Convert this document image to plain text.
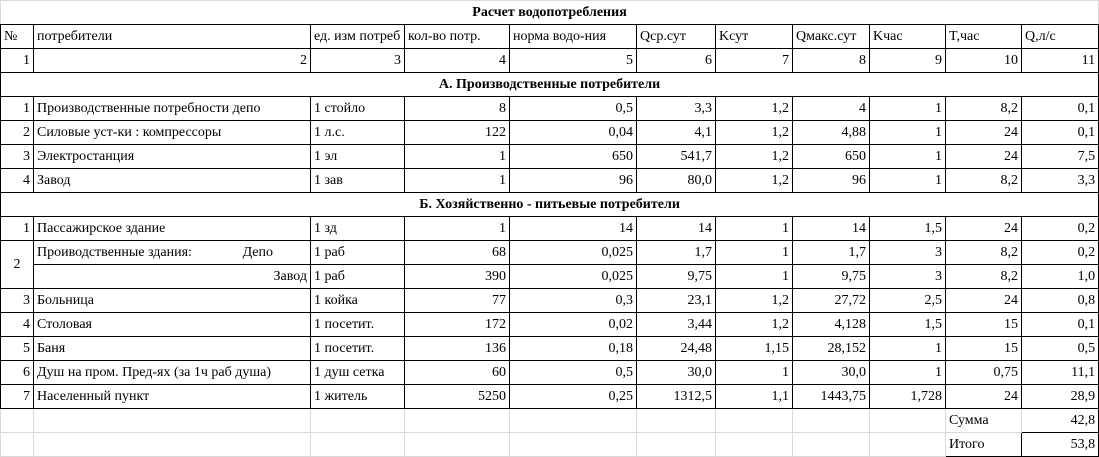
Расчет водопотребления										
№	потребители	ед. изм потреб	кол-во потр.	норма водо-ния	Qср.сут	Kсут	Qмакс.сут	Kчас	T,час	Q,л/с
1	2	3	4	5	6	7	8	9	10	11
А. Производственные потребители										
1	Производственные потребности депо	1 стойло	8	0,5	3,3	1,2	4	1	8,2	0,1
2	Силовые уст-ки : компрессоры	1 л.с.	122	0,04	4,1	1,2	4,88	1	24	0,1
3	Электростанция	1 эл	1	650	541,7	1,2	650	1	24	7,5
4	Завод	1 зав	1	96	80,0	1,2	96	1	8,2	3,3
Б. Хозяйственно - питьевые потребители										
1	Пассажирское здание	1 зд	1	14	14	1	14	1,5	24	0,2
2	Проиводственные здания: Депо	1 раб	68	0,025	1,7	1	1,7	3	8,2	0,2
	Завод	1 раб	390	0,025	9,75	1	9,75	3	8,2	1,0
3	Больница	1 койка	77	0,3	23,1	1,2	27,72	2,5	24	0,8
4	Столовая	1 посетит.	172	0,02	3,44	1,2	4,128	1,5	15	0,1
5	Баня	1 посетит.	136	0,18	24,48	1,15	28,152	1	15	0,5
6	Душ на пром. Пред-ях (за 1ч раб душа)	1 душ сетка	60	0,5	30,0	1	30,0	1	0,75	11,1
7	Населенный пункт	1 житель	5250	0,25	1312,5	1,1	1443,75	1,728	24	28,9
									Сумма	42,8
									Итого	53,8
